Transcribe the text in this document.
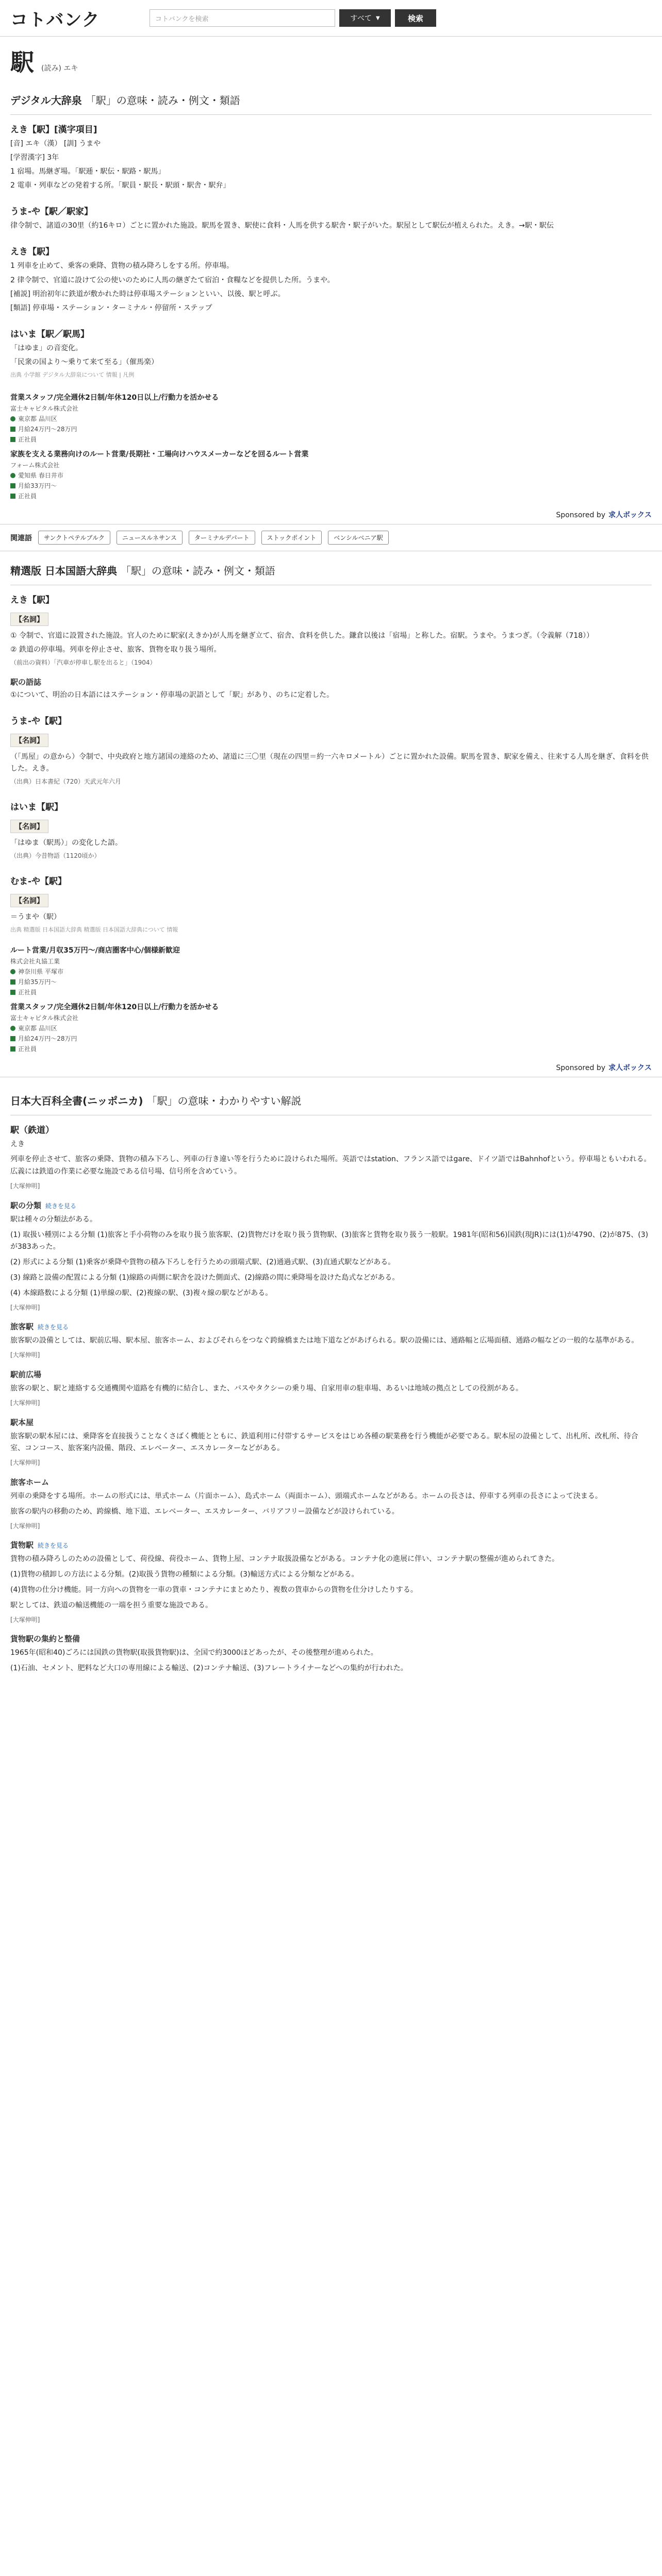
コトバンク	コトバンクを検索	すべて ▼	検索
駅 (読み) エキ
デジタル大辞泉 「駅」の意味・読み・例文・類語
えき【駅】[漢字項目]

[音] エキ（漢） [訓] うまや

[学習漢字] 3年

1 宿場。馬継ぎ場。「駅逓・駅伝・駅路・駅馬」

2 電車・列車などの発着する所。「駅員・駅長・駅頭・駅舎・駅弁」

うま‐や【駅／駅家】

律令制で、諸道の30里（約16キロ）ごとに置かれた施設。駅馬を置き、駅使に食料・人馬を供する駅舎・駅子がいた。駅屋として駅伝が植えられた。えき。→駅・駅伝

えき【駅】

1 列車を止めて、乗客の乗降、貨物の積み降ろしをする所。停車場。

2 律令制で、官道に設けて公の使いのために人馬の継ぎたて宿泊・食糧などを提供した所。うまや。

[補説] 明治初年に鉄道が敷かれた時は停車場ステーションといい、以後、駅と呼ぶ。

[類語] 停車場・ステーション・ターミナル・停留所・ステップ

はいま【駅／駅馬】

「はゆま」の音変化。

「民衆の国より～乗りて来て至る」（催馬楽）

出典 小学館 デジタル大辞泉について 情報 | 凡例

営業スタッフ/完全週休2日制/年休120日以上/行動力を活かせる
富士キャピタル株式会社
東京都 品川区
月給24万円〜28万円
正社員
家族を支える業務向けのルート営業/長期社・工場向けハウスメーカーなどを回るルート営業
フォーム株式会社
愛知県 春日井市
月給33万円〜
正社員
Sponsored by 求人ボックス
関連語	サンクトペテルブルク	ニュースルネサンス	ターミナルデパート	ストックポイント	ベンシルベニア駅
精選版 日本国語大辞典 「駅」の意味・読み・例文・類語
えき【駅】
【名詞】

① 令制で、官道に設置された施設。官人のために駅家(えきか)が人馬を継ぎ立て、宿舎、食料を供した。鎌倉以後は「宿場」と称した。宿駅。うまや。うまつぎ。（令義解（718））

② 鉄道の停車場。列車を停止させ、旅客、貨物を取り扱う場所。

（前出の資料）「汽車が停車し駅を出ると」（1904）

駅の語誌

①について、明治の日本語にはステーション・停車場の訳語として「駅」があり、のちに定着した。

うま‐や【駅】
【名詞】

（「馬屋」の意から）令制で、中央政府と地方諸国の連絡のため、諸道に三〇里（現在の四里＝約一六キロメートル）ごとに置かれた設備。駅馬を置き、駅家を備え、往来する人馬を継ぎ、食料を供した。えき。

（出典）日本書紀（720）天武元年六月

はいま【駅】
【名詞】

「はゆま（駅馬）」の変化した語。

（出典）今昔物語（1120頃か）

むま‐や【駅】
【名詞】

＝うまや（駅）

出典 精選版 日本国語大辞典 精選版 日本国語大辞典について 情報

ルート営業/月収35万円〜/商店圏客中心/個様新歓迎
株式会社丸協工業
神奈川県 平塚市
月給35万円〜
正社員
営業スタッフ/完全週休2日制/年休120日以上/行動力を活かせる
富士キャピタル株式会社
東京都 品川区
月給24万円〜28万円
正社員
Sponsored by 求人ボックス
日本大百科全書(ニッポニカ) 「駅」の意味・わかりやすい解説
駅（鉄道）

えき

列車を停止させて、旅客の乗降、貨物の積み下ろし、列車の行き違い等を行うために設けられた場所。英語ではstation、フランス語ではgare、ドイツ語ではBahnhofという。停車場ともいわれる。広義には鉄道の作業に必要な施設である信号場、信号所を含めていう。

[大塚伸明]

駅の分類 続きを見る

駅は種々の分類法がある。

(1) 取扱い種別による分類 (1)旅客と手小荷物のみを取り扱う旅客駅、(2)貨物だけを取り扱う貨物駅、(3)旅客と貨物を取り扱う一般駅。1981年(昭和56)国鉄(現JR)には(1)が4790、(2)が875、(3)が383あった。

(2) 形式による分類 (1)乗客が乗降や貨物の積み下ろしを行うための頭端式駅、(2)通過式駅、(3)直通式駅などがある。

(3) 線路と設備の配置による分類 (1)線路の両側に駅舎を設けた側面式、(2)線路の間に乗降場を設けた島式などがある。

(4) 本線路数による分類 (1)単線の駅、(2)複線の駅、(3)複々線の駅などがある。

[大塚伸明]

旅客駅 続きを見る

旅客駅の設備としては、駅前広場、駅本屋、旅客ホーム、およびそれらをつなぐ跨線橋または地下道などがあげられる。駅の設備には、通路幅と広場面積、通路の幅などの一般的な基準がある。

[大塚伸明]

駅前広場

旅客の駅と、駅と連絡する交通機関や道路を有機的に結合し、また、バスやタクシーの乗り場、自家用車の駐車場、あるいは地域の拠点としての役割がある。

[大塚伸明]

駅本屋

旅客駅の駅本屋には、乗降客を直接扱うことなくさばく機能とともに、鉄道利用に付帯するサービスをはじめ各種の駅業務を行う機能が必要である。駅本屋の設備として、出札所、改札所、待合室、コンコース、旅客案内設備、階段、エレベーター、エスカレーターなどがある。

[大塚伸明]

旅客ホーム

列車の乗降をする場所。ホームの形式には、単式ホーム（片面ホーム）、島式ホーム（両面ホーム）、頭端式ホームなどがある。ホームの長さは、停車する列車の長さによって決まる。

旅客の駅内の移動のため、跨線橋、地下道、エレベーター、エスカレーター、バリアフリー設備などが設けられている。

[大塚伸明]

貨物駅 続きを見る

貨物の積み降ろしのための設備として、荷役線、荷役ホーム、貨物上屋、コンテナ取扱設備などがある。コンテナ化の進展に伴い、コンテナ駅の整備が進められてきた。

(1)貨物の積卸しの方法による分類。(2)取扱う貨物の種類による分類。(3)輸送方式による分類などがある。

(4)貨物の仕分け機能。同一方向への貨物を一車の貨車・コンテナにまとめたり、複数の貨車からの貨物を仕分けしたりする。

駅としては、鉄道の輸送機能の一端を担う重要な施設である。

[大塚伸明]

貨物駅の集約と整備

1965年(昭和40)ごろには国鉄の貨物駅(取扱貨物駅)は、全国で約3000ほどあったが、その後整理が進められた。

(1)石油、セメント、肥料など大口の専用線による輸送、(2)コンテナ輸送、(3)フレートライナーなどへの集約が行われた。
